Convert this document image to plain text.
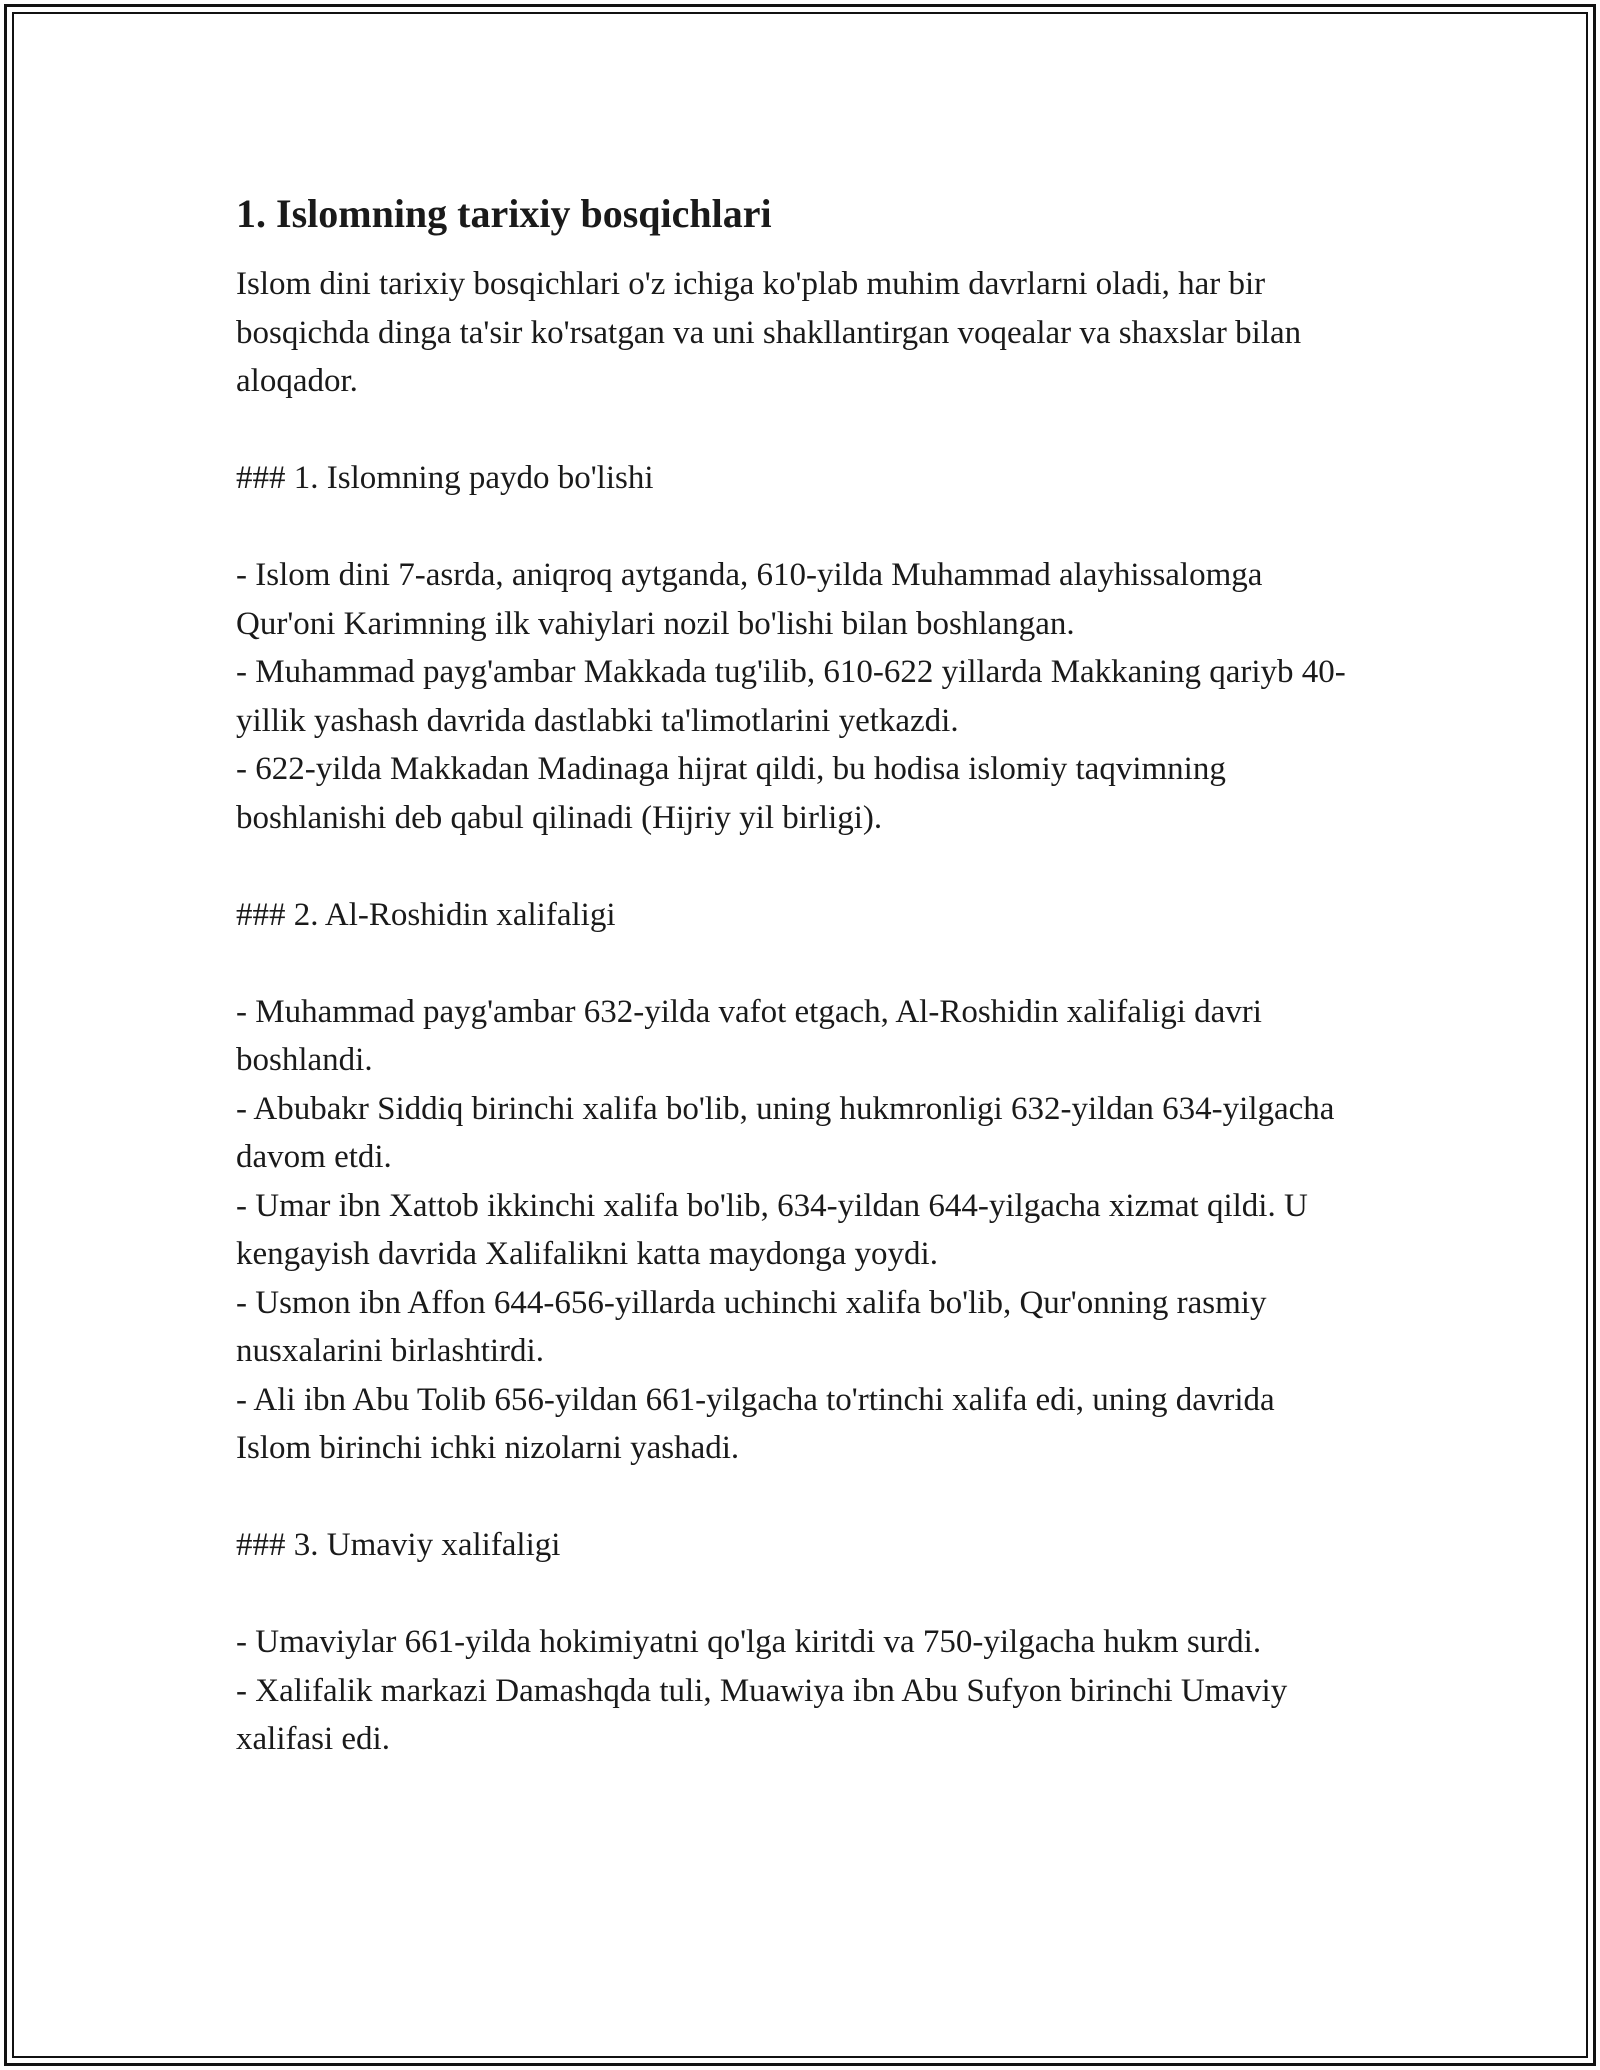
1. Islomning tarixiy bosqichlari

Islom dini tarixiy bosqichlari o'z ichiga ko'plab muhim davrlarni oladi, har bir bosqichda dinga ta'sir ko'rsatgan va uni shakllantirgan voqealar va shaxslar bilan aloqador.

### 1. Islomning paydo bo'lishi

- Islom dini 7-asrda, aniqroq aytganda, 610-yilda Muhammad alayhissalomga Qur'oni Karimning ilk vahiylari nozil bo'lishi bilan boshlangan.

- Muhammad payg'ambar Makkada tug'ilib, 610-622 yillarda Makkaning qariyb 40-yillik yashash davrida dastlabki ta'limotlarini yetkazdi.

- 622-yilda Makkadan Madinaga hijrat qildi, bu hodisa islomiy taqvimning boshlanishi deb qabul qilinadi (Hijriy yil birligi).

### 2. Al-Roshidin xalifaligi

- Muhammad payg'ambar 632-yilda vafot etgach, Al-Roshidin xalifaligi davri boshlandi.

- Abubakr Siddiq birinchi xalifa bo'lib, uning hukmronligi 632-yildan 634-yilgacha davom etdi.

- Umar ibn Xattob ikkinchi xalifa bo'lib, 634-yildan 644-yilgacha xizmat qildi. U kengayish davrida Xalifalikni katta maydonga yoydi.

- Usmon ibn Affon 644-656-yillarda uchinchi xalifa bo'lib, Qur'onning rasmiy nusxalarini birlashtirdi.

- Ali ibn Abu Tolib 656-yildan 661-yilgacha to'rtinchi xalifa edi, uning davrida Islom birinchi ichki nizolarni yashadi.

### 3. Umaviy xalifaligi

- Umaviylar 661-yilda hokimiyatni qo'lga kiritdi va 750-yilgacha hukm surdi.

- Xalifalik markazi Damashqda tuli, Muawiya ibn Abu Sufyon birinchi Umaviy xalifasi edi.
